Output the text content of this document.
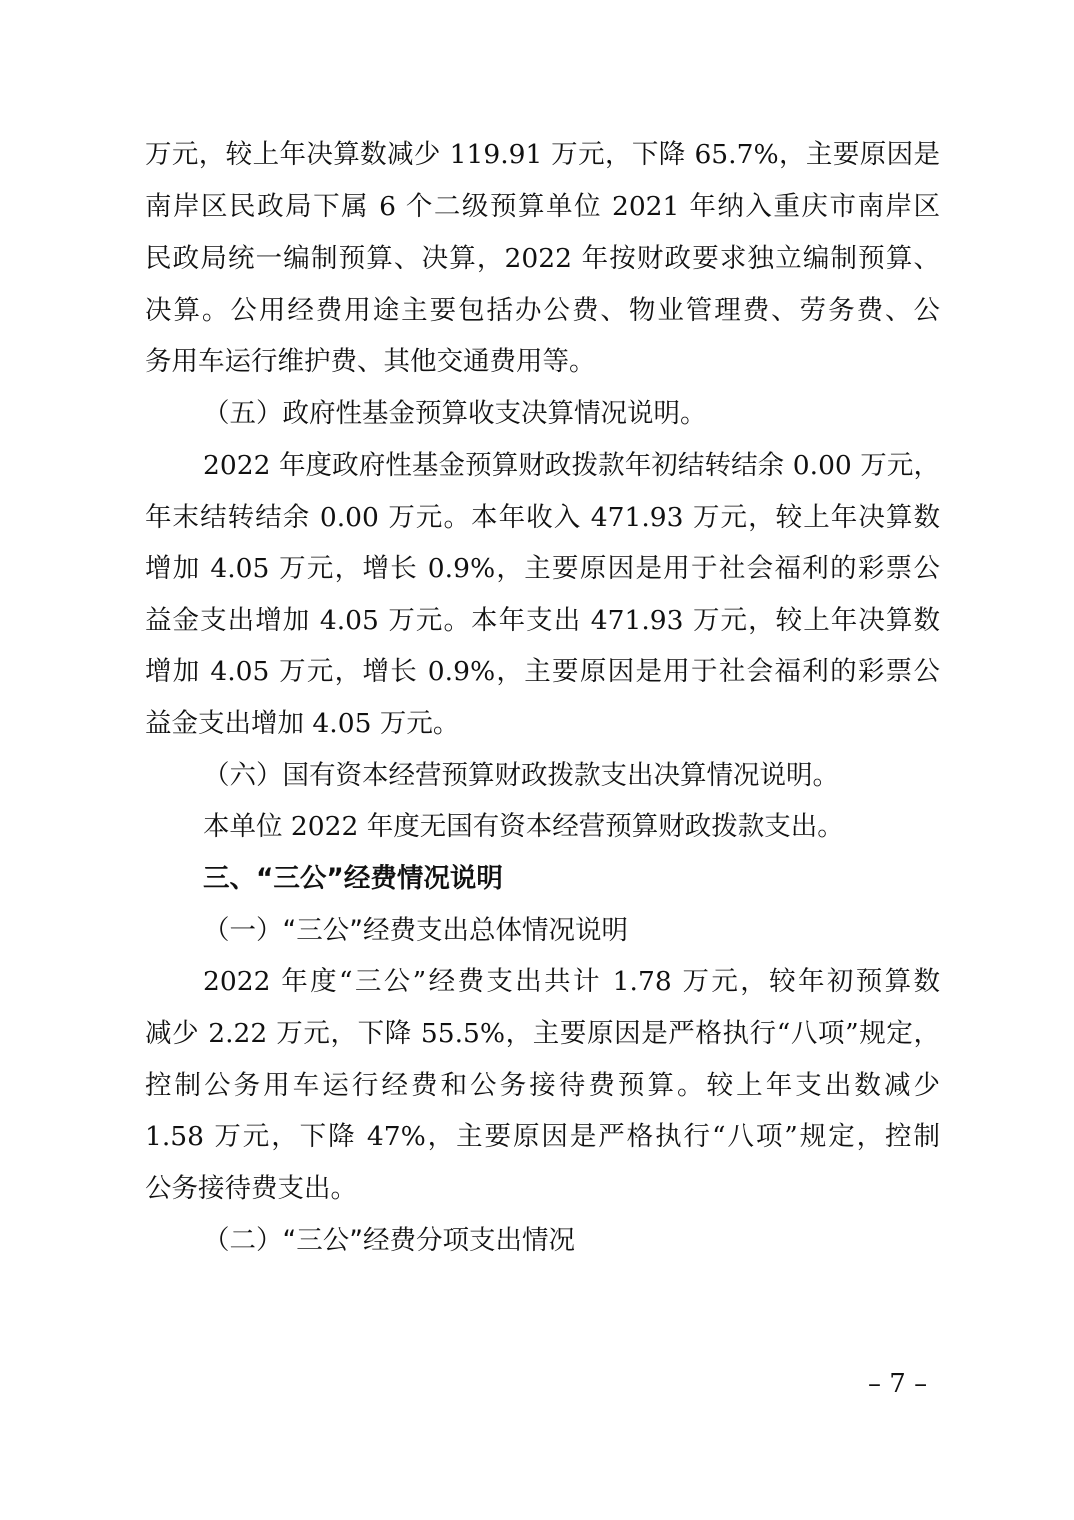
万元，较上年决算数减少 119.91 万元，下降 65.7%，主要原因是
南岸区民政局下属 6 个二级预算单位 2021 年纳入重庆市南岸区
民政局统一编制预算、决算，2022 年按财政要求独立编制预算、
决算。公用经费用途主要包括办公费、物业管理费、劳务费、公
务用车运行维护费、其他交通费用等。
（五）政府性基金预算收支决算情况说明。
2022 年度政府性基金预算财政拨款年初结转结余 0.00 万元，
年末结转结余 0.00 万元。本年收入 471.93 万元，较上年决算数
增加 4.05 万元，增长 0.9%，主要原因是用于社会福利的彩票公
益金支出增加 4.05 万元。本年支出 471.93 万元，较上年决算数
增加 4.05 万元，增长 0.9%，主要原因是用于社会福利的彩票公
益金支出增加 4.05 万元。
（六）国有资本经营预算财政拨款支出决算情况说明。
本单位 2022 年度无国有资本经营预算财政拨款支出。
三、“三公”经费情况说明
（一）“三公”经费支出总体情况说明
2022 年度“三公”经费支出共计 1.78 万元，较年初预算数
减少 2.22 万元，下降 55.5%，主要原因是严格执行“八项”规定，
控制公务用车运行经费和公务接待费预算。较上年支出数减少
1.58 万元，下降 47%，主要原因是严格执行“八项”规定，控制
公务接待费支出。
（二）“三公”经费分项支出情况
– 7 –
